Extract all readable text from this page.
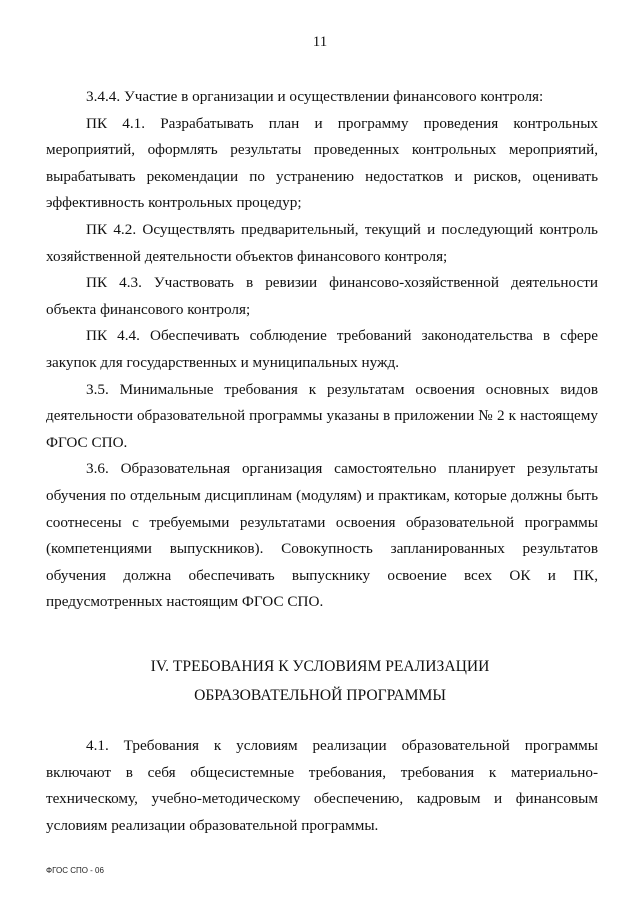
11

3.4.4. Участие в организации и осуществлении финансового контроля:

ПК 4.1. Разрабатывать план и программу проведения контрольных мероприятий, оформлять результаты проведенных контрольных мероприятий, вырабатывать рекомендации по устранению недостатков и рисков, оценивать эффективность контрольных процедур;

ПК 4.2. Осуществлять предварительный, текущий и последующий контроль хозяйственной деятельности объектов финансового контроля;

ПК 4.3. Участвовать в ревизии финансово-хозяйственной деятельности объекта финансового контроля;

ПК 4.4. Обеспечивать соблюдение требований законодательства в сфере закупок для государственных и муниципальных нужд.

3.5. Минимальные требования к результатам освоения основных видов деятельности образовательной программы указаны в приложении № 2 к настоящему ФГОС СПО.

3.6. Образовательная организация самостоятельно планирует результаты обучения по отдельным дисциплинам (модулям) и практикам, которые должны быть соотнесены с требуемыми результатами освоения образовательной программы (компетенциями выпускников). Совокупность запланированных результатов обучения должна обеспечивать выпускнику освоение всех ОК и ПК, предусмотренных настоящим ФГОС СПО.

IV. ТРЕБОВАНИЯ К УСЛОВИЯМ РЕАЛИЗАЦИИ
ОБРАЗОВАТЕЛЬНОЙ ПРОГРАММЫ

4.1. Требования к условиям реализации образовательной программы включают в себя общесистемные требования, требования к материально-техническому, учебно-методическому обеспечению, кадровым и финансовым условиям реализации образовательной программы.

ФГОС СПО - 06
